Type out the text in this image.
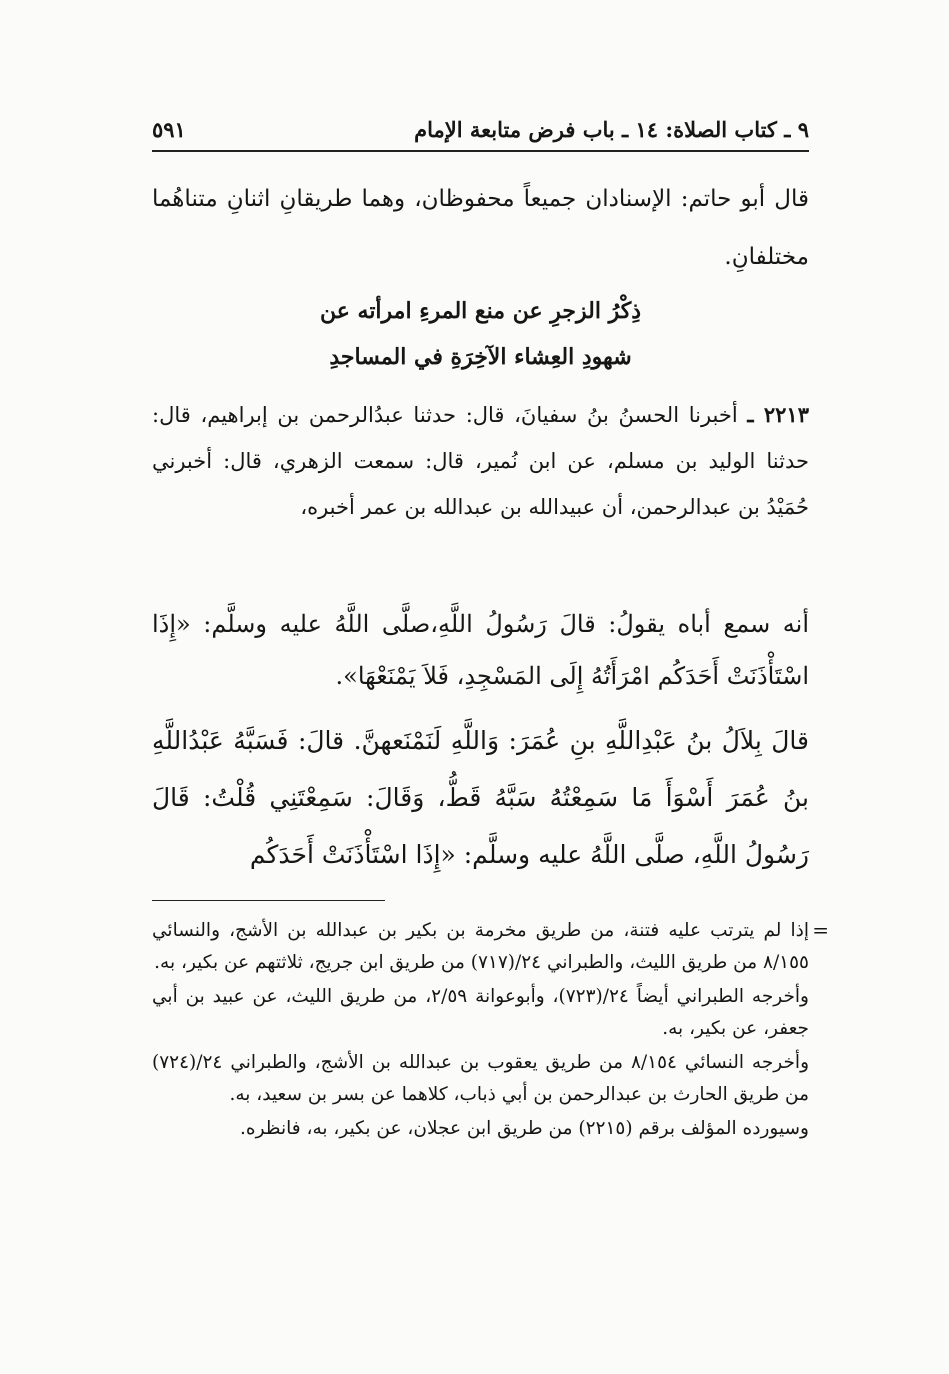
٩ ـ كتاب الصلاة: ١٤ ـ باب فرض متابعة الإمام
٥٩١

قال أبو حاتم: الإسنادان جميعاً محفوظان، وهما طريقانِ اثنانِ متناهُما مختلفانِ.

ذِكْرُ الزجرِ عن منع المرءِ امرأته عن
شهودِ العِشاء الآخِرَةِ في المساجدِ

٢٢١٣ ـ أخبرنا الحسنُ بنُ سفيانَ، قال: حدثنا عبدُالرحمن بن إبراهيم، قال: حدثنا الوليد بن مسلم، عن ابن نُمير، قال: سمعت الزهري، قال: أخبرني حُمَيْدُ بن عبدالرحمن، أن عبيدالله بن عبدالله بن عمر أخبره،

أنه سمع أباه يقولُ: قالَ رَسُولُ اللَّهِ،صلَّى اللَّهُ عليه وسلَّم: «إِذَا اسْتَأْذَنَتْ أَحَدَكُم امْرَأَتُهُ إِلَى المَسْجِدِ، فَلاَ يَمْنَعْهَا».

قالَ بِلاَلُ بنُ عَبْدِاللَّهِ بنِ عُمَرَ: وَاللَّهِ لَنَمْنَعهنَّ. قالَ: فَسَبَّهُ عَبْدُاللَّهِ بنُ عُمَرَ أَسْوَأَ مَا سَمِعْتُهُ سَبَّهُ قَطُّ، وَقَالَ: سَمِعْتَنِي قُلْتُ: قَالَ رَسُولُ اللَّهِ، صلَّى اللَّهُ عليه وسلَّم: «إِذَا اسْتَأْذَنَتْ أَحَدَكُم

=

إذا لم يترتب عليه فتنة، من طريق مخرمة بن بكير بن عبدالله بن الأشج، والنسائي ٨/١٥٥ من طريق الليث، والطبراني ٢٤/(٧١٧) من طريق ابن جريج، ثلاثتهم عن بكير، به.

وأخرجه الطبراني أيضاً ٢٤/(٧٢٣)، وأبوعوانة ٢/٥٩، من طريق الليث، عن عبيد بن أبي جعفر، عن بكير، به.

وأخرجه النسائي ٨/١٥٤ من طريق يعقوب بن عبدالله بن الأشج، والطبراني ٢٤/(٧٢٤) من طريق الحارث بن عبدالرحمن بن أبي ذباب، كلاهما عن بسر بن سعيد، به.

وسيورده المؤلف برقم (٢٢١٥) من طريق ابن عجلان، عن بكير، به، فانظره.
